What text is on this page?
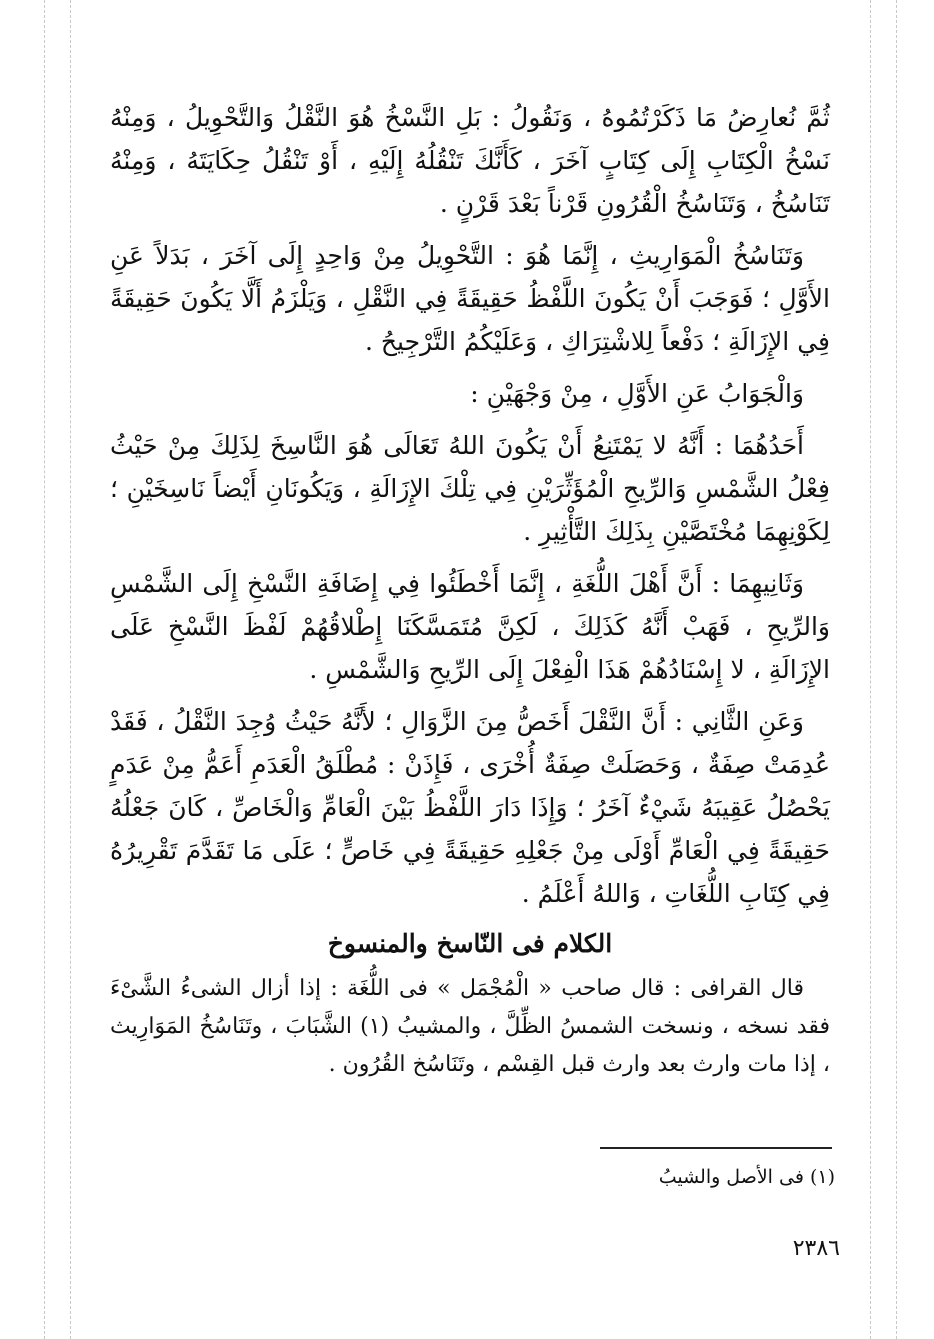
ثُمَّ نُعارِضُ مَا ذَكَرْتُمُوهُ ، وَنَقُولُ : بَلِ النَّسْخُ هُوَ النَّقْلُ وَالتَّحْوِيلُ ، وَمِنْهُ نَسْخُ الْكِتَابِ إِلَى كِتَابٍ آخَرَ ، كَأَنَّكَ تَنْقُلُهُ إِلَيْهِ ، أَوْ تَنْقُلُ حِكَايَتَهُ ، وَمِنْهُ تَنَاسُخُ ، وَتَنَاسُخُ الْقُرُونِ قَرْناً بَعْدَ قَرْنٍ .

وَتَنَاسُخُ الْمَوَارِيثِ ، إِنَّمَا هُوَ : التَّحْوِيلُ مِنْ وَاحِدٍ إِلَى آخَرَ ، بَدَلاً عَنِ الأَوَّلِ ؛ فَوَجَبَ أَنْ يَكُونَ اللَّفْظُ حَقِيقَةً فِي النَّقْلِ ، وَيَلْزَمُ أَلَّا يَكُونَ حَقِيقَةً فِي الإِزَالَةِ ؛ دَفْعاً لِلاشْتِرَاكِ ، وَعَلَيْكُمُ التَّرْجِيحُ .

وَالْجَوَابُ عَنِ الأَوَّلِ ، مِنْ وَجْهَيْنِ :

أَحَدُهُمَا : أَنَّهُ لا يَمْتَنِعُ أَنْ يَكُونَ اللهُ تَعَالَى هُوَ النَّاسِخَ لِذَلِكَ مِنْ حَيْثُ فِعْلُ الشَّمْسِ وَالرِّيحِ الْمُؤَثِّرَيْنِ فِي تِلْكَ الإِزَالَةِ ، وَيَكُونَانِ أَيْضاً نَاسِخَيْنِ ؛ لِكَوْنِهِمَا مُخْتَصَّيْنِ بِذَلِكَ التَّأْثِيرِ .

وَثَانِيهِمَا : أَنَّ أَهْلَ اللُّغَةِ ، إِنَّمَا أَخْطَئُوا فِي إِضَافَةِ النَّسْخِ إِلَى الشَّمْسِ وَالرِّيحِ ، فَهَبْ أَنَّهُ كَذَلِكَ ، لَكِنَّ مُتَمَسَّكَنَا إِطْلاقُهُمْ لَفْظَ النَّسْخِ عَلَى الإِزَالَةِ ، لا إِسْنَادُهُمْ هَذَا الْفِعْلَ إِلَى الرِّيحِ وَالشَّمْسِ .

وَعَنِ الثَّانِي : أَنَّ النَّقْلَ أَخَصُّ مِنَ الزَّوَالِ ؛ لأَنَّهُ حَيْثُ وُجِدَ النَّقْلُ ، فَقَدْ عُدِمَتْ صِفَةٌ ، وَحَصَلَتْ صِفَةٌ أُخْرَى ، فَإِذَنْ : مُطْلَقُ الْعَدَمِ أَعَمُّ مِنْ عَدَمٍ يَحْصُلُ عَقِيبَهُ شَيْءٌ آخَرُ ؛ وَإِذَا دَارَ اللَّفْظُ بَيْنَ الْعَامِّ وَالْخَاصِّ ، كَانَ جَعْلُهُ حَقِيقَةً فِي الْعَامِّ أَوْلَى مِنْ جَعْلِهِ حَقِيقَةً فِي خَاصٍّ ؛ عَلَى مَا تَقَدَّمَ تَقْرِيرُهُ فِي كِتَابِ اللُّغَاتِ ، وَاللهُ أَعْلَمُ .

الكلام فى النّاسخ والمنسوخ

قال القرافى : قال صاحب « الْمُجْمَل » فى اللُّغَة : إذا أزال الشىءُ الشَّىْءَ فقد نسخه ، ونسخت الشمسُ الظِّلَّ ، والمشيبُ (١) الشَّبَابَ ، وتَنَاسُخُ المَوَارِيث ، إذا مات وارث بعد وارث قبل القِسْم ، وتَنَاسُخ القُرُون .

(١) فى الأصل والشيبُ
٢٣٨٦
